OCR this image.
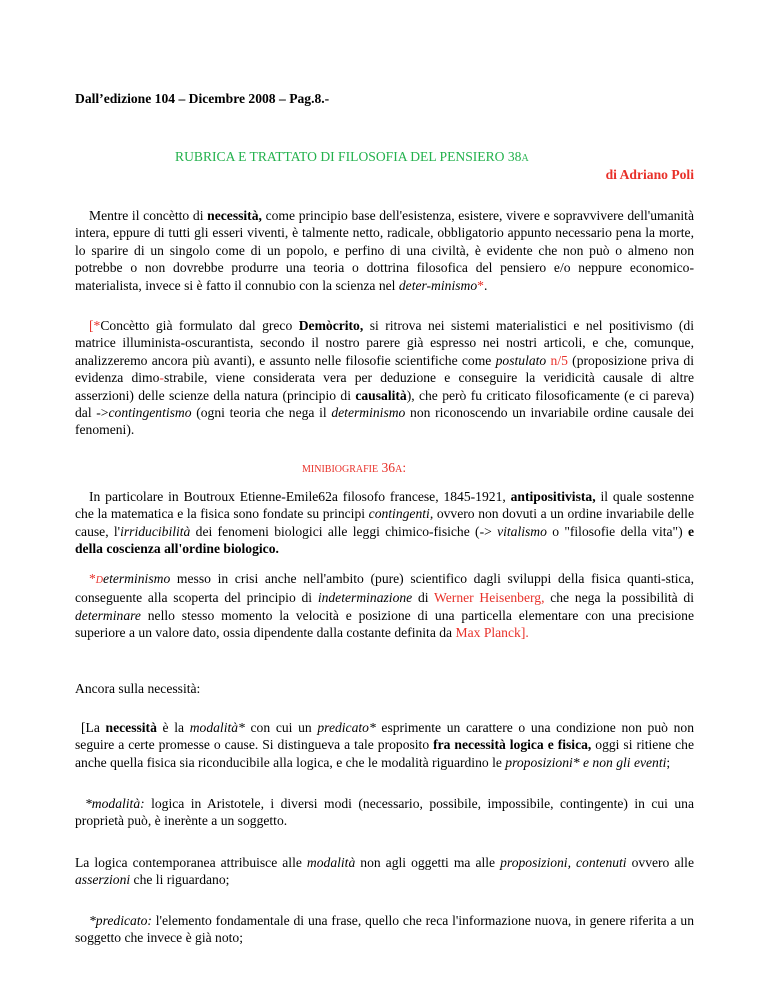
Dall’edizione 104 – Dicembre 2008 – Pag.8.-
RUBRICA E TRATTATO DI FILOSOFIA DEL PENSIERO 38A
di Adriano Poli
Mentre il concètto di necessità, come principio base dell'esistenza, esistere, vivere e sopravvivere dell'umanità intera, eppure di tutti gli esseri viventi, è talmente netto, radicale, obbligatorio appunto necessario pena la morte, lo sparire di un singolo come di un popolo, e perfino di una civiltà, è evidente che non può o almeno non potrebbe o non dovrebbe produrre una teoria o dottrina filosofica del pensiero e/o neppure economico-materialista, invece si è fatto il connubio con la scienza nel deter-minismo*.
[*Concètto già formulato dal greco Demòcrito, si ritrova nei sistemi materialistici e nel positivismo (di matrice illuminista-oscurantista, secondo il nostro parere già espresso nei nostri articoli, e che, comunque, analizzeremo ancora più avanti), e assunto nelle filosofie scientifiche come postulato n/5 (proposizione priva di evidenza dimo-strabile, viene considerata vera per deduzione e conseguire la veridicità causale di altre asserzioni) delle scienze della natura (principio di causalità), che però fu criticato filosoficamente (e ci pareva) dal ->contingentismo (ogni teoria che nega il determinismo non riconoscendo un invariabile ordine causale dei fenomeni).
MINIBIOGRAFIE 36A:
In particolare in Boutroux Etienne-Emile62a filosofo francese, 1845-1921, antipositivista, il quale sostenne che la matematica e la fisica sono fondate su principi contingenti, ovvero non dovuti a un ordine invariabile delle cause, l'irriducibilità dei fenomeni biologici alle leggi chimico-fisiche (-> vitalismo o "filosofie della vita") e della coscienza all'ordine biologico.
*Determinismo messo in crisi anche nell'ambito (pure) scientifico dagli sviluppi della fisica quanti-stica, conseguente alla scoperta del principio di indeterminazione di Werner Heisenberg, che nega la possibilità di determinare nello stesso momento la velocità e posizione di una particella elementare con una precisione superiore a un valore dato, ossia dipendente dalla costante definita da Max Planck].
Ancora sulla necessità:
[La necessità è la modalità* con cui un predicato* esprimente un carattere o una condizione non può non seguire a certe promesse o cause. Si distingueva a tale proposito fra necessità logica e fisica, oggi si ritiene che anche quella fisica sia riconducibile alla logica, e che le modalità riguardino le proposizioni* e non gli eventi;
*modalità: logica in Aristotele, i diversi modi (necessario, possibile, impossibile, contingente) in cui una proprietà può, è inerènte a un soggetto.
La logica contemporanea attribuisce alle modalità non agli oggetti ma alle proposizioni, contenuti ovvero alle asserzioni che li riguardano;
*predicato: l'elemento fondamentale di una frase, quello che reca l'informazione nuova, in genere riferita a un soggetto che invece è già noto;
